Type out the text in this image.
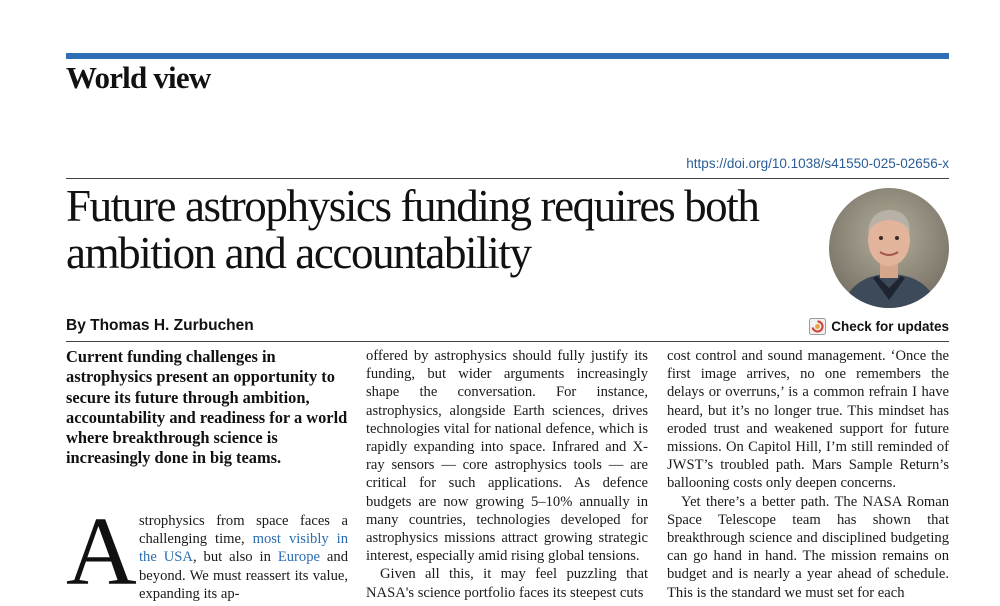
World view
https://doi.org/10.1038/s41550-025-02656-x
Future astrophysics funding requires both ambition and accountability
By Thomas H. Zurbuchen	Check for updates

Current funding challenges in astrophysics present an opportunity to secure its future through ambition, accountability and readiness for a world where breakthrough science is increasingly done in big teams.

A strophysics from space faces a challenging time, most visibly in the USA, but also in Europe and beyond. We must reassert its value, expanding its ap-

offered by astrophysics should fully justify its funding, but wider arguments increasingly shape the conversation. For instance, astrophysics, alongside Earth sciences, drives technologies vital for national defence, which is rapidly expanding into space. Infrared and X-ray sensors — core astrophysics tools — are critical for such applications. As defence budgets are now growing 5–10% annually in many countries, technologies developed for astrophysics missions attract growing strategic interest, especially amid rising global tensions.

Given all this, it may feel puzzling that NASA's science portfolio faces its steepest cuts

cost control and sound management. ‘Once the first image arrives, no one remembers the delays or overruns,’ is a common refrain I have heard, but it’s no longer true. This mindset has eroded trust and weakened support for future missions. On Capitol Hill, I’m still reminded of JWST’s troubled path. Mars Sample Return’s ballooning costs only deepen concerns.

Yet there’s a better path. The NASA Roman Space Telescope team has shown that breakthrough science and disciplined budgeting can go hand in hand. The mission remains on budget and is nearly a year ahead of schedule. This is the standard we must set for each
